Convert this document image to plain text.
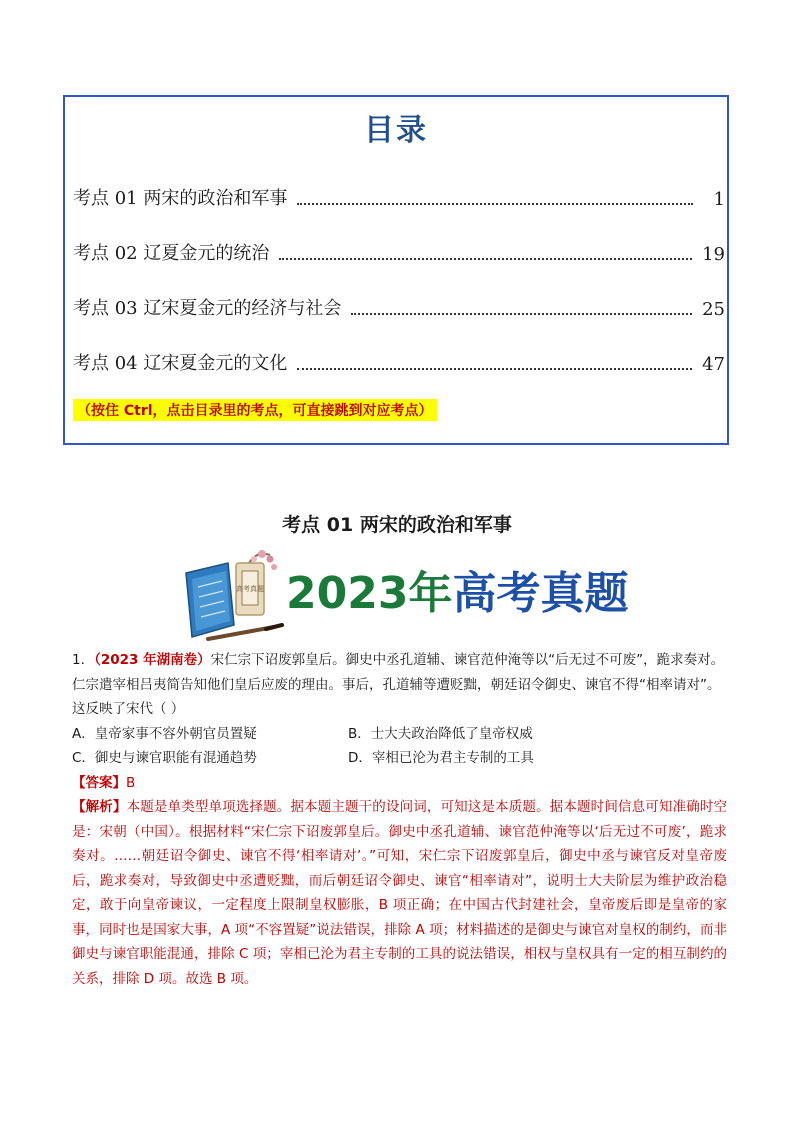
目录
考点 01 两宋的政治和军事	1
考点 02 辽夏金元的统治	19
考点 03 辽宋夏金元的经济与社会	25
考点 04 辽宋夏金元的文化	47
（按住 Ctrl，点击目录里的考点，可直接跳到对应考点）
考点 01 两宋的政治和军事
高考真题 2023年高考真题
1．（2023 年湖南卷）宋仁宗下诏废郭皇后。御史中丞孔道辅、谏官范仲淹等以“后无过不可废”，跪求奏对。仁宗遣宰相吕夷简告知他们皇后应废的理由。事后，孔道辅等遭贬黜，朝廷诏令御史、谏官不得“相率请对”。这反映了宋代（ ）
A．皇帝家事不容外朝官员置疑	B．士大夫政治降低了皇帝权威
C．御史与谏官职能有混通趋势	D．宰相已沦为君主专制的工具
【答案】B
【解析】本题是单类型单项选择题。据本题主题干的设问词，可知这是本质题。据本题时间信息可知准确时空是：宋朝（中国）。根据材料“宋仁宗下诏废郭皇后。御史中丞孔道辅、谏官范仲淹等以‘后无过不可废’，跪求奏对。……朝廷诏令御史、谏官不得‘相率请对’。”可知，宋仁宗下诏废郭皇后，御史中丞与谏官反对皇帝废后，跪求奏对，导致御史中丞遭贬黜，而后朝廷诏令御史、谏官“相率请对”，说明士大夫阶层为维护政治稳定，敢于向皇帝谏议，一定程度上限制皇权膨胀，B 项正确；在中国古代封建社会，皇帝废后即是皇帝的家事，同时也是国家大事，A 项“不容置疑”说法错误，排除 A 项；材料描述的是御史与谏官对皇权的制约，而非御史与谏官职能混通，排除 C 项；宰相已沦为君主专制的工具的说法错误，相权与皇权具有一定的相互制约的关系，排除 D 项。故选 B 项。
